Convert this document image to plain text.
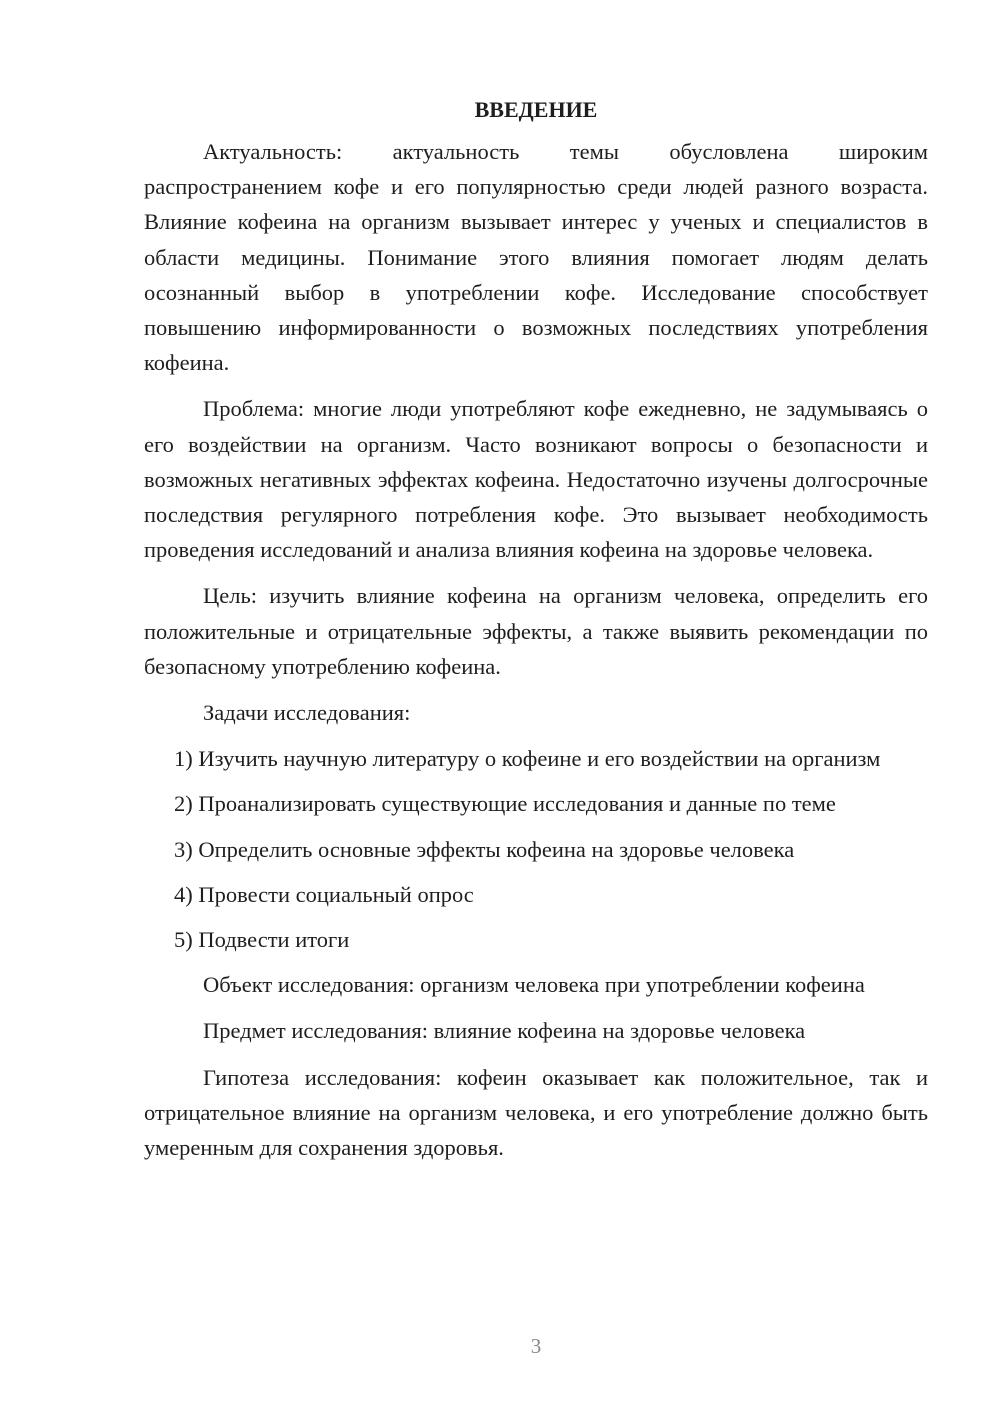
ВВЕДЕНИЕ

Актуальность: актуальность темы обусловлена широким распространением кофе и его популярностью среди людей разного возраста. Влияние кофеина на организм вызывает интерес у ученых и специалистов в области медицины. Понимание этого влияния помогает людям делать осознанный выбор в употреблении кофе. Исследование способствует повышению информированности о возможных последствиях употребления кофеина.

Проблема: многие люди употребляют кофе ежедневно, не задумываясь о его воздействии на организм. Часто возникают вопросы о безопасности и возможных негативных эффектах кофеина. Недостаточно изучены долгосрочные последствия регулярного потребления кофе. Это вызывает необходимость проведения исследований и анализа влияния кофеина на здоровье человека.

Цель: изучить влияние кофеина на организм человека, определить его положительные и отрицательные эффекты, а также выявить рекомендации по безопасному употреблению кофеина.

Задачи исследования:

1) Изучить научную литературу о кофеине и его воздействии на организм

2) Проанализировать существующие исследования и данные по теме

3) Определить основные эффекты кофеина на здоровье человека

4) Провести социальный опрос

5) Подвести итоги

Объект исследования: организм человека при употреблении кофеина

Предмет исследования: влияние кофеина на здоровье человека

Гипотеза исследования: кофеин оказывает как положительное, так и отрицательное влияние на организм человека, и его употребление должно быть умеренным для сохранения здоровья.

3
